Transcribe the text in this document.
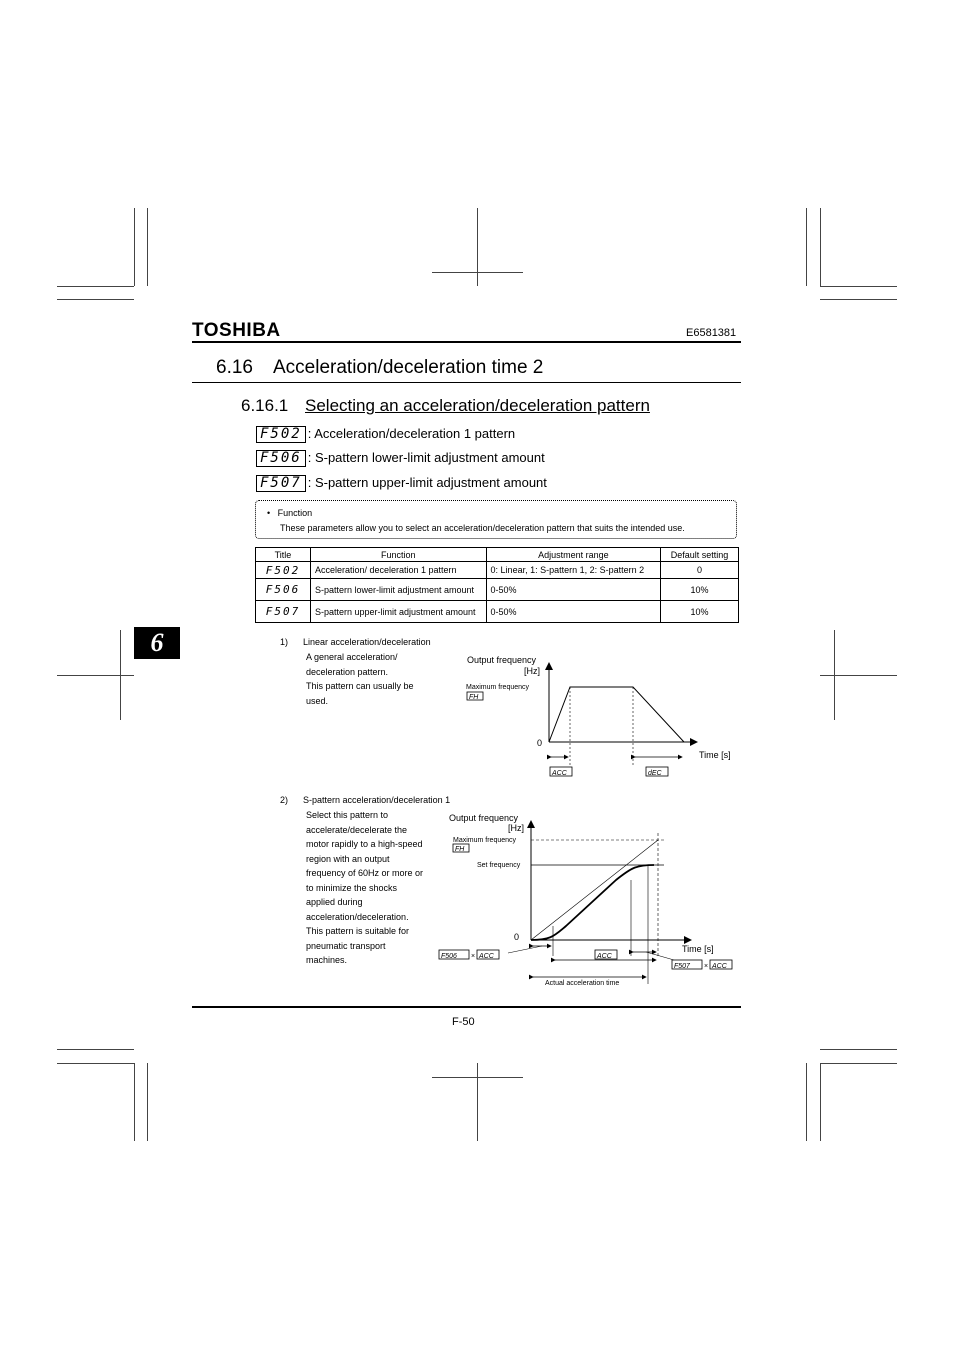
TOSHIBA	E6581381
6.16 Acceleration/deceleration time 2
6.16.1 Selecting an acceleration/deceleration pattern
F502 : Acceleration/deceleration 1 pattern
F506 : S-pattern lower-limit adjustment amount
F507 : S-pattern upper-limit adjustment amount
• Function
These parameters allow you to select an acceleration/deceleration pattern that suits the intended use.
Title	Function	Adjustment range	Default setting
F502	Acceleration/ deceleration 1 pattern	0: Linear, 1: S-pattern 1, 2: S-pattern 2	0
F506	S-pattern lower-limit adjustment amount	0-50%	10%
F507	S-pattern upper-limit adjustment amount	0-50%	10%
6	1) Linear acceleration/deceleration
A general acceleration/
deceleration pattern.
This pattern can usually be
used.
Output frequency
[Hz]
Maximum frequency
FH
0
Time [s]
ACC	dEC
2) S-pattern acceleration/deceleration 1
Select this pattern to
accelerate/decelerate the
motor rapidly to a high-speed
region with an output
frequency of 60Hz or more or
to minimize the shocks
applied during
acceleration/deceleration.
This pattern is suitable for
pneumatic transport
machines.
Output frequency
[Hz]
Maximum frequency
FH
Set frequency
0
Time [s]
ACC
F506 × ACC
F507 × ACC
Actual acceleration time
F-50
